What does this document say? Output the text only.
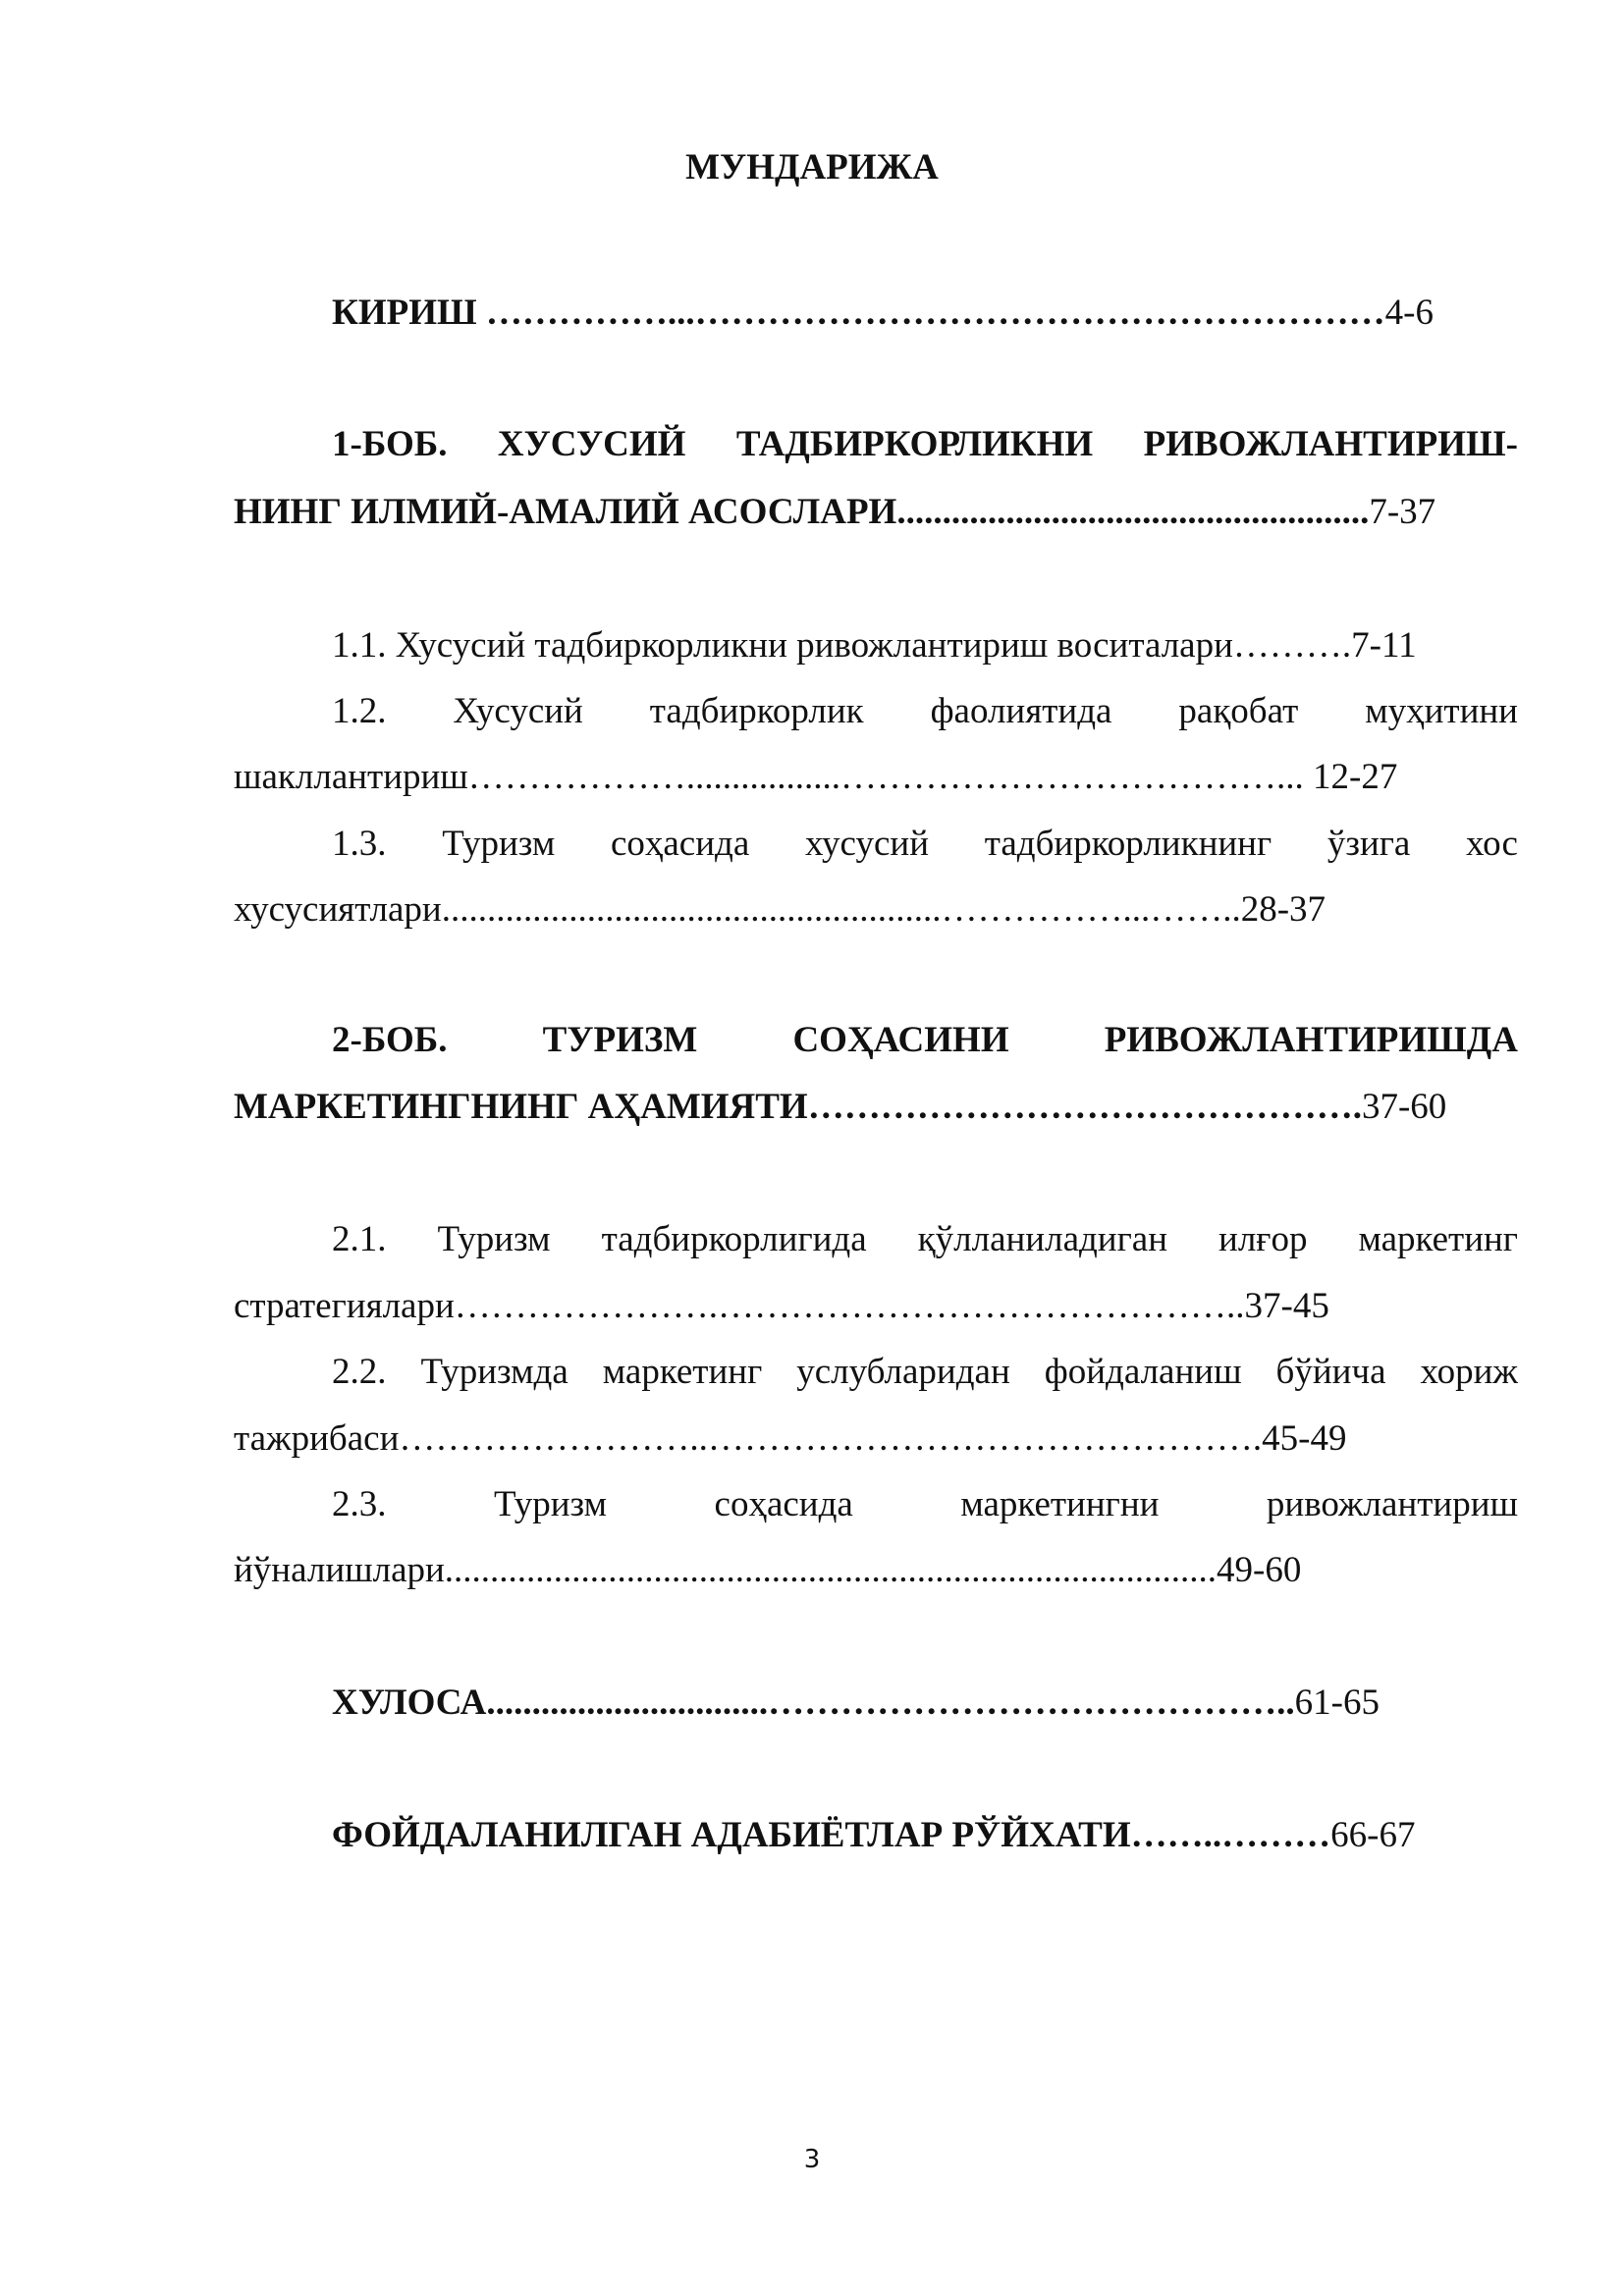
МУНДАРИЖА
КИРИШ ……………...…………………………………………………4-6
1-БОБ. ХУСУСИЙ ТАДБИРКОРЛИКНИ РИВОЖЛАНТИРИШ-
НИНГ ИЛМИЙ-АМАЛИЙ АСОСЛАРИ....................................................7-37
1.1. Хусусий тадбиркорликни ривожлантириш воситалари……….7-11
1.2. Хусусий тадбиркорлик фаолиятида рақобат муҳитини
шакллантириш……………….................………………………………... 12-27
1.3. Туризм соҳасида хусусий тадбиркорликнинг ўзига хос
хусусиятлари.......................................................……………...……..28-37
2-БОБ.	ТУРИЗМ	СОҲАСИНИ	РИВОЖЛАНТИРИШДА
МАРКЕТИНГНИНГ АҲАМИЯТИ……………………………………….37-60
2.1. Туризм тадбиркорлигида қўлланиладиган илғор маркетинг
стратегиялари………………….……………………………………..37-45
2.2. Туризмда маркетинг услубларидан фойдаланиш бўйича хориж
тажрибаси……………………..……………………………………….45-49
2.3.	Туризм	соҳасида	маркетингни	ривожлантириш
йўналишлари.....................................................................................49-60
ХУЛОСА...............................……………………………………..61-65
ФОЙДАЛАНИЛГАН АДАБИЁТЛАР РЎЙХАТИ……..………66-67
3
